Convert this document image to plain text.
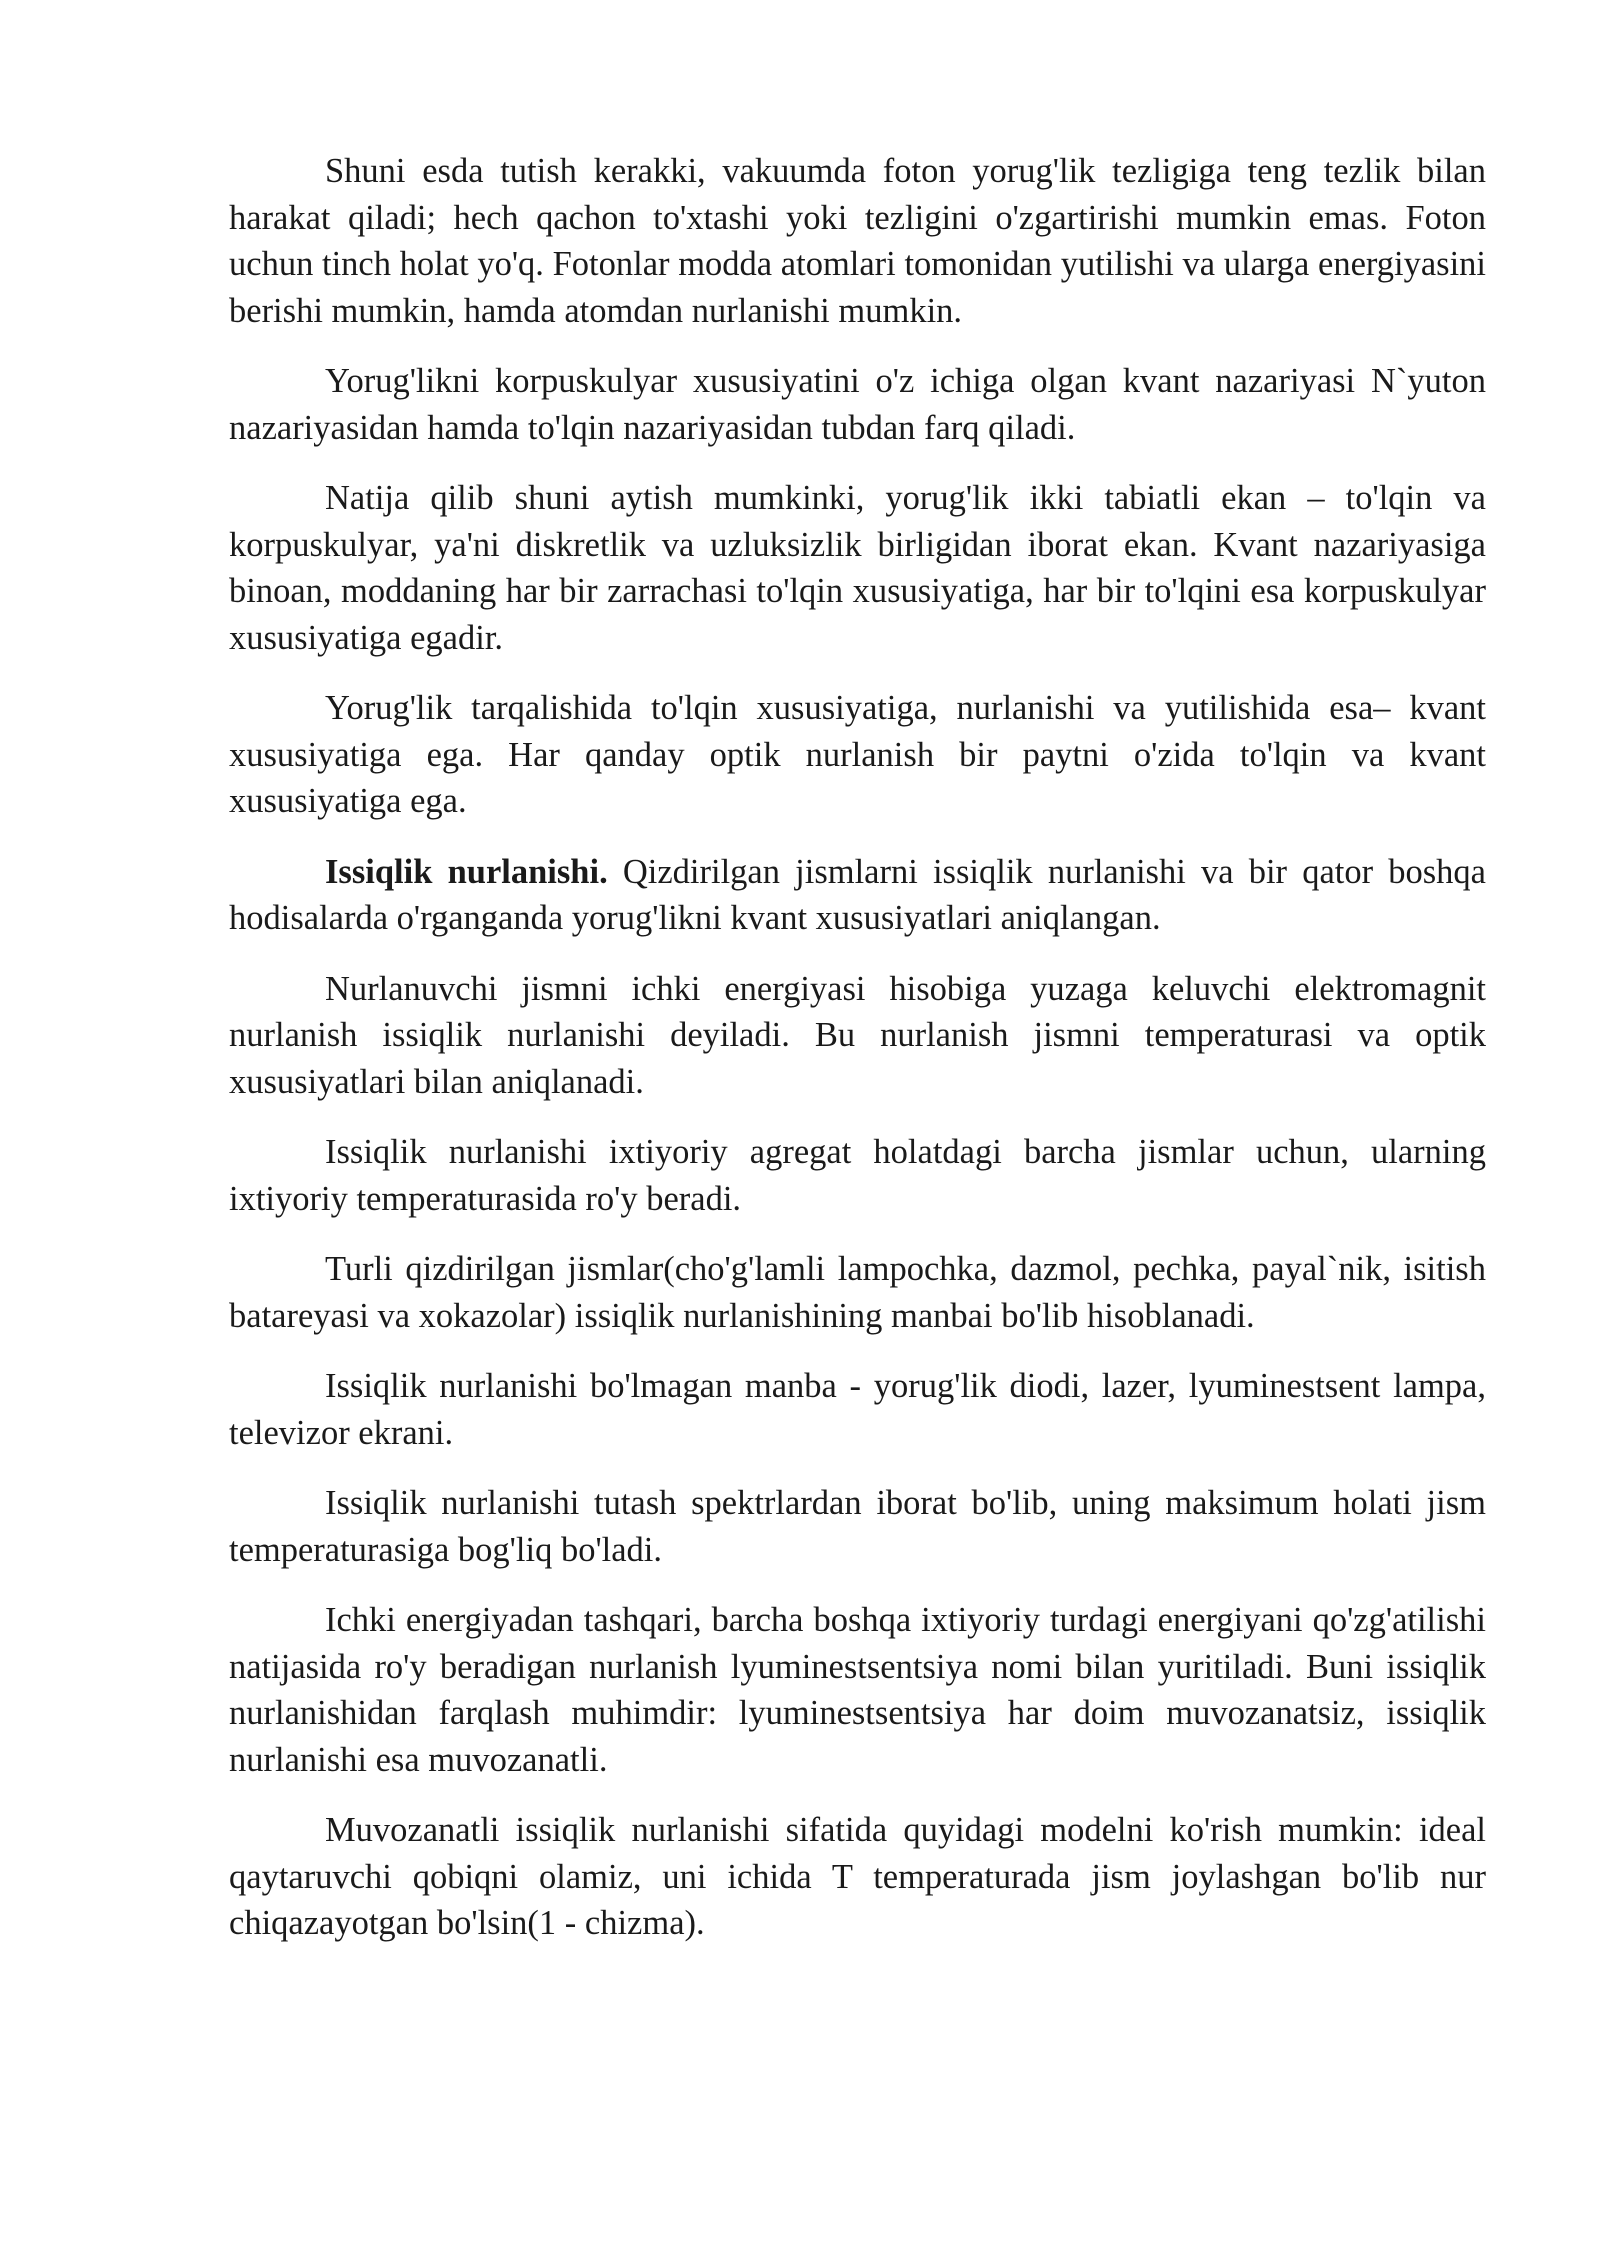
Shuni esda tutish kerakki, vakuumda foton yorug'lik tezligiga teng tezlik bilan harakat qiladi; hech qachon to'xtashi yoki tezligini o'zgartirishi mumkin emas. Foton uchun tinch holat yo'q. Fotonlar modda atomlari tomonidan yutilishi va ularga energiyasini berishi mumkin, hamda atomdan nurlanishi mumkin.

Yorug'likni korpuskulyar xususiyatini o'z ichiga olgan kvant nazariyasi N`yuton nazariyasidan hamda to'lqin nazariyasidan tubdan farq qiladi.

Natija qilib shuni aytish mumkinki, yorug'lik ikki tabiatli ekan – to'lqin va korpuskulyar, ya'ni diskretlik va uzluksizlik birligidan iborat ekan. Kvant nazariyasiga binoan, moddaning har bir zarrachasi to'lqin xususiyatiga, har bir to'lqini esa korpuskulyar xususiyatiga egadir.

Yorug'lik tarqalishida to'lqin xususiyatiga, nurlanishi va yutilishida esa– kvant xususiyatiga ega. Har qanday optik nurlanish bir paytni o'zida to'lqin va kvant xususiyatiga ega.

Issiqlik nurlanishi. Qizdirilgan jismlarni issiqlik nurlanishi va bir qator boshqa hodisalarda o'rganganda yorug'likni kvant xususiyatlari aniqlangan.

Nurlanuvchi jismni ichki energiyasi hisobiga yuzaga keluvchi elektromagnit nurlanish issiqlik nurlanishi deyiladi. Bu nurlanish jismni temperaturasi va optik xususiyatlari bilan aniqlanadi.

Issiqlik nurlanishi ixtiyoriy agregat holatdagi barcha jismlar uchun, ularning ixtiyoriy temperaturasida ro'y beradi.

Turli qizdirilgan jismlar(cho'g'lamli lampochka, dazmol, pechka, payal`nik, isitish batareyasi va xokazolar) issiqlik nurlanishining manbai bo'lib hisoblanadi.

Issiqlik nurlanishi bo'lmagan manba - yorug'lik diodi, lazer, lyuminestsent lampa, televizor ekrani.

Issiqlik nurlanishi tutash spektrlardan iborat bo'lib, uning maksimum holati jism temperaturasiga bog'liq bo'ladi.

Ichki energiyadan tashqari, barcha boshqa ixtiyoriy turdagi energiyani qo'zg'atilishi natijasida ro'y beradigan nurlanish lyuminestsentsiya nomi bilan yuritiladi. Buni issiqlik nurlanishidan farqlash muhimdir: lyuminestsentsiya har doim muvozanatsiz, issiqlik nurlanishi esa muvozanatli.

Muvozanatli issiqlik nurlanishi sifatida quyidagi modelni ko'rish mumkin: ideal qaytaruvchi qobiqni olamiz, uni ichida T temperaturada jism joylashgan bo'lib nur chiqazayotgan bo'lsin(1 - chizma).
